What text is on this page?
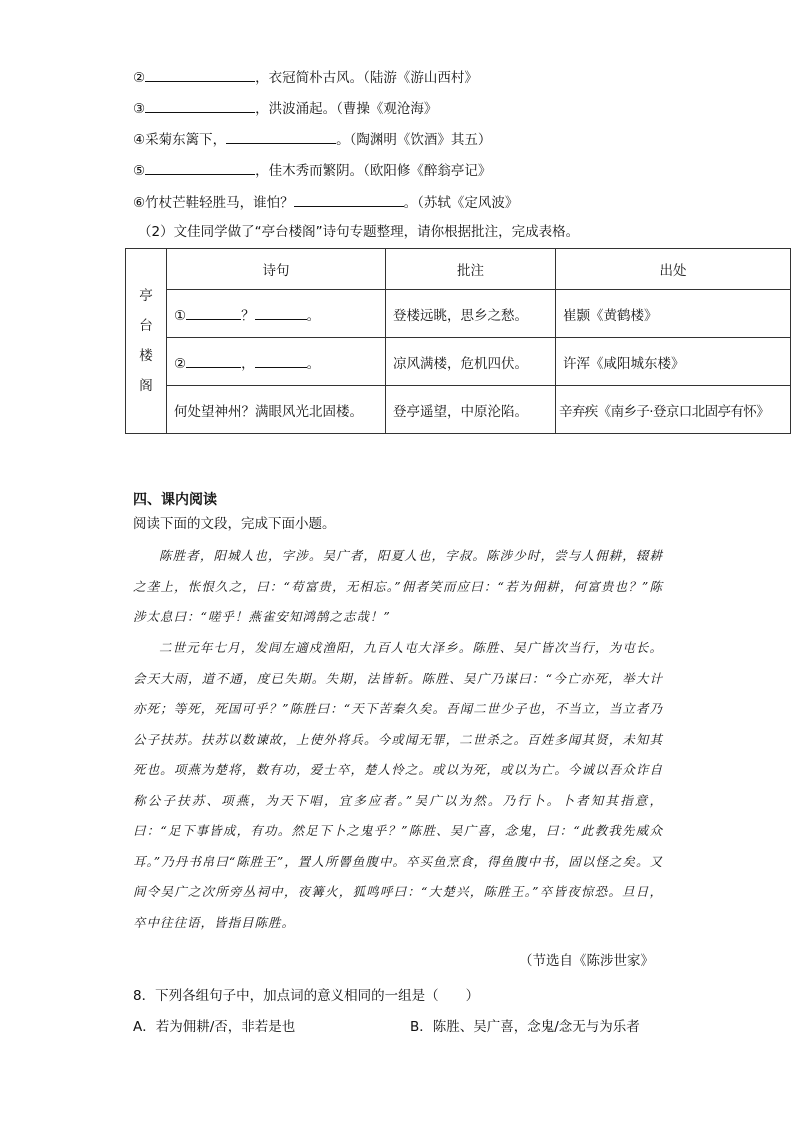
②	，衣冠简朴古风。（陆游《游山西村》
③	，洪波涌起。（曹操《观沧海》
④采菊东篱下，	。（陶渊明《饮酒》其五）
⑤	，佳木秀而繁阴。（欧阳修《醉翁亭记》
⑥竹杖芒鞋轻胜马，谁怕？	。（苏轼《定风波》
（2）文佳同学做了“亭台楼阁”诗句专题整理，请你根据批注，完成表格。
亭
台
楼
阁	诗句	批注	出处
	① ？ 。	登楼远眺，思乡之愁。	崔颢《黄鹤楼》
	② ， 。	凉风满楼，危机四伏。	许浑《咸阳城东楼》
	何处望神州？满眼风光北固楼。	登亭遥望，中原沦陷。	辛弃疾《南乡子·登京口北固亭有怀》
四、课内阅读
阅读下面的文段，完成下面小题。
陈胜者，阳城人也，字涉。吴广者，阳夏人也，字叔。陈涉少时，尝与人佣耕，辍耕之垄上，怅恨久之，曰：“苟富贵，无相忘。”佣者笑而应曰：“若为佣耕，何富贵也？”陈涉太息曰：“嗟乎！燕雀安知鸿鹄之志哉！”
二世元年七月，发闾左適戍渔阳，九百人屯大泽乡。陈胜、吴广皆次当行，为屯长。会天大雨，道不通，度已失期。失期，法皆斩。陈胜、吴广乃谋曰：“今亡亦死，举大计亦死；等死，死国可乎？”陈胜曰：“天下苦秦久矣。吾闻二世少子也，不当立，当立者乃公子扶苏。扶苏以数谏故，上使外将兵。今或闻无罪，二世杀之。百姓多闻其贤，未知其死也。项燕为楚将，数有功，爱士卒，楚人怜之。或以为死，或以为亡。今诚以吾众诈自称公子扶苏、项燕，为天下唱，宜多应者。”吴广以为然。乃行卜。卜者知其指意，曰：“足下事皆成，有功。然足下卜之鬼乎？”陈胜、吴广喜，念鬼，曰：“此教我先威众耳。”乃丹书帛曰“陈胜王”，置人所罾鱼腹中。卒买鱼烹食，得鱼腹中书，固以怪之矣。又间令吴广之次所旁丛祠中，夜篝火，狐鸣呼曰：“大楚兴，陈胜王。”卒皆夜惊恐。旦日，卒中往往语，皆指目陈胜。
（节选自《陈涉世家》
8．下列各组句子中，加点词的意义相同的一组是（　　）
A．若为佣耕/否，非若是也	B．陈胜、吴广喜，念鬼/念无与为乐者
